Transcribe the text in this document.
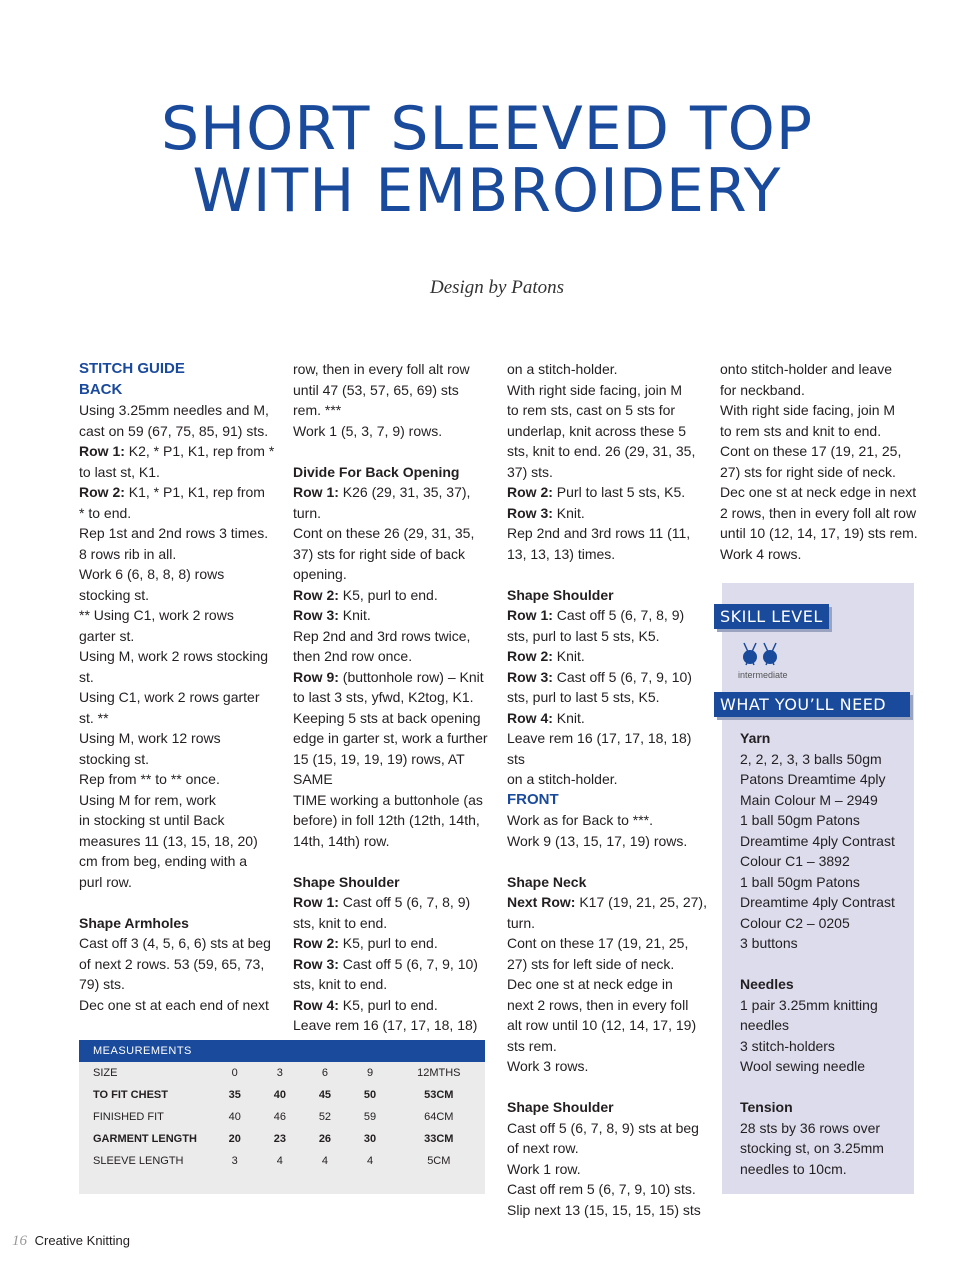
SHORT SLEEVED TOP
WITH EMBROIDERY
Design by Patons

STITCH GUIDE

BACK

Using 3.25mm needles and M,

cast on 59 (67, 75, 85, 91) sts.

Row 1: K2, * P1, K1, rep from *

to last st, K1.

Row 2: K1, * P1, K1, rep from

* to end.

Rep 1st and 2nd rows 3 times.

8 rows rib in all.

Work 6 (6, 8, 8, 8) rows

stocking st.

** Using C1, work 2 rows

garter st.

Using M, work 2 rows stocking

st.

Using C1, work 2 rows garter

st. **

Using M, work 12 rows

stocking st.

Rep from ** to ** once.

Using M for rem, work

in stocking st until Back

measures 11 (13, 15, 18, 20)

cm from beg, ending with a

purl row.

Shape Armholes

Cast off 3 (4, 5, 6, 6) sts at beg

of next 2 rows. 53 (59, 65, 73,

79) sts.

Dec one st at each end of next

row, then in every foll alt row

until 47 (53, 57, 65, 69) sts

rem. ***

Work 1 (5, 3, 7, 9) rows.

Divide For Back Opening

Row 1: K26 (29, 31, 35, 37),

turn.

Cont on these 26 (29, 31, 35,

37) sts for right side of back

opening.

Row 2: K5, purl to end.

Row 3: Knit.

Rep 2nd and 3rd rows twice,

then 2nd row once.

Row 9: (buttonhole row) – Knit

to last 3 sts, yfwd, K2tog, K1.

Keeping 5 sts at back opening

edge in garter st, work a further

15 (15, 19, 19, 19) rows, AT SAME

TIME working a buttonhole (as

before) in foll 12th (12th, 14th,

14th, 14th) row.

Shape Shoulder

Row 1: Cast off 5 (6, 7, 8, 9)

sts, knit to end.

Row 2: K5, purl to end.

Row 3: Cast off 5 (6, 7, 9, 10)

sts, knit to end.

Row 4: K5, purl to end.

Leave rem 16 (17, 17, 18, 18)

on a stitch-holder.

With right side facing, join M

to rem sts, cast on 5 sts for

underlap, knit across these 5

sts, knit to end. 26 (29, 31, 35,

37) sts.

Row 2: Purl to last 5 sts, K5.

Row 3: Knit.

Rep 2nd and 3rd rows 11 (11,

13, 13, 13) times.

Shape Shoulder

Row 1: Cast off 5 (6, 7, 8, 9)

sts, purl to last 5 sts, K5.

Row 2: Knit.

Row 3: Cast off 5 (6, 7, 9, 10)

sts, purl to last 5 sts, K5.

Row 4: Knit.

Leave rem 16 (17, 17, 18, 18) sts

on a stitch-holder.

FRONT

Work as for Back to ***.

Work 9 (13, 15, 17, 19) rows.

Shape Neck

Next Row: K17 (19, 21, 25, 27),

turn.

Cont on these 17 (19, 21, 25,

27) sts for left side of neck.

Dec one st at neck edge in

next 2 rows, then in every foll

alt row until 10 (12, 14, 17, 19)

sts rem.

Work 3 rows.

Shape Shoulder

Cast off 5 (6, 7, 8, 9) sts at beg

of next row.

Work 1 row.

Cast off rem 5 (6, 7, 9, 10) sts.

Slip next 13 (15, 15, 15, 15) sts

onto stitch-holder and leave

for neckband.

With right side facing, join M

to rem sts and knit to end.

Cont on these 17 (19, 21, 25,

27) sts for right side of neck.

Dec one st at neck edge in next

2 rows, then in every foll alt row

until 10 (12, 14, 17, 19) sts rem.

Work 4 rows.

SKILL LEVEL
intermediate
WHAT YOU’LL NEED

Yarn

2, 2, 2, 3, 3 balls 50gm

Patons Dreamtime 4ply

Main Colour M – 2949

1 ball 50gm Patons

Dreamtime 4ply Contrast

Colour C1 – 3892

1 ball 50gm Patons

Dreamtime 4ply Contrast

Colour C2 – 0205

3 buttons

Needles

1 pair 3.25mm knitting

needles

3 stitch-holders

Wool sewing needle

Tension

28 sts by 36 rows over

stocking st, on 3.25mm

needles to 10cm.

MEASUREMENTS
SIZE	0	3	6	9	12MTHS
TO FIT CHEST	35	40	45	50	53CM
FINISHED FIT	40	46	52	59	64CM
GARMENT LENGTH	20	23	26	30	33CM
SLEEVE LENGTH	3	4	4	4	5CM
16 Creative Knitting
